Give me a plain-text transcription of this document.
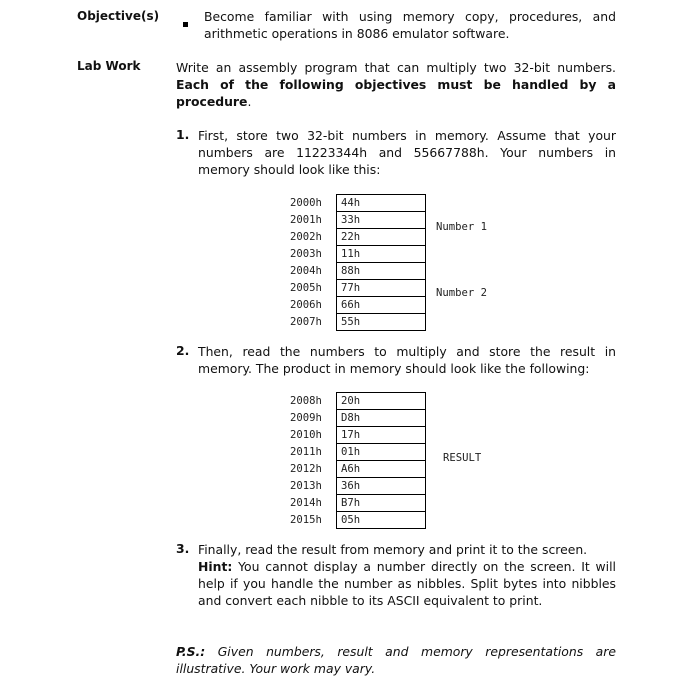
Objective(s)	Become familiar with using memory copy, procedures, and arithmetic operations in 8086 emulator software.
Lab Work	Write an assembly program that can multiply two 32-bit numbers. Each of the following objectives must be handled by a procedure.
1. First, store two 32-bit numbers in memory. Assume that your numbers are 11223344h and 55667788h. Your numbers in memory should look like this:
2000h	44h
2001h	33h
2002h	22h
2003h	11h
2004h	88h
2005h	77h
2006h	66h
2007h	55h
Number 1
Number 2
2. Then, read the numbers to multiply and store the result in memory. The product in memory should look like the following:
2008h	20h
2009h	D8h
2010h	17h
2011h	01h
2012h	A6h
2013h	36h
2014h	B7h
2015h	05h
RESULT
3. Finally, read the result from memory and print it to the screen.
Hint: You cannot display a number directly on the screen. It will help if you handle the number as nibbles. Split bytes into nibbles and convert each nibble to its ASCII equivalent to print.
P.S.: Given numbers, result and memory representations are illustrative. Your work may vary.
